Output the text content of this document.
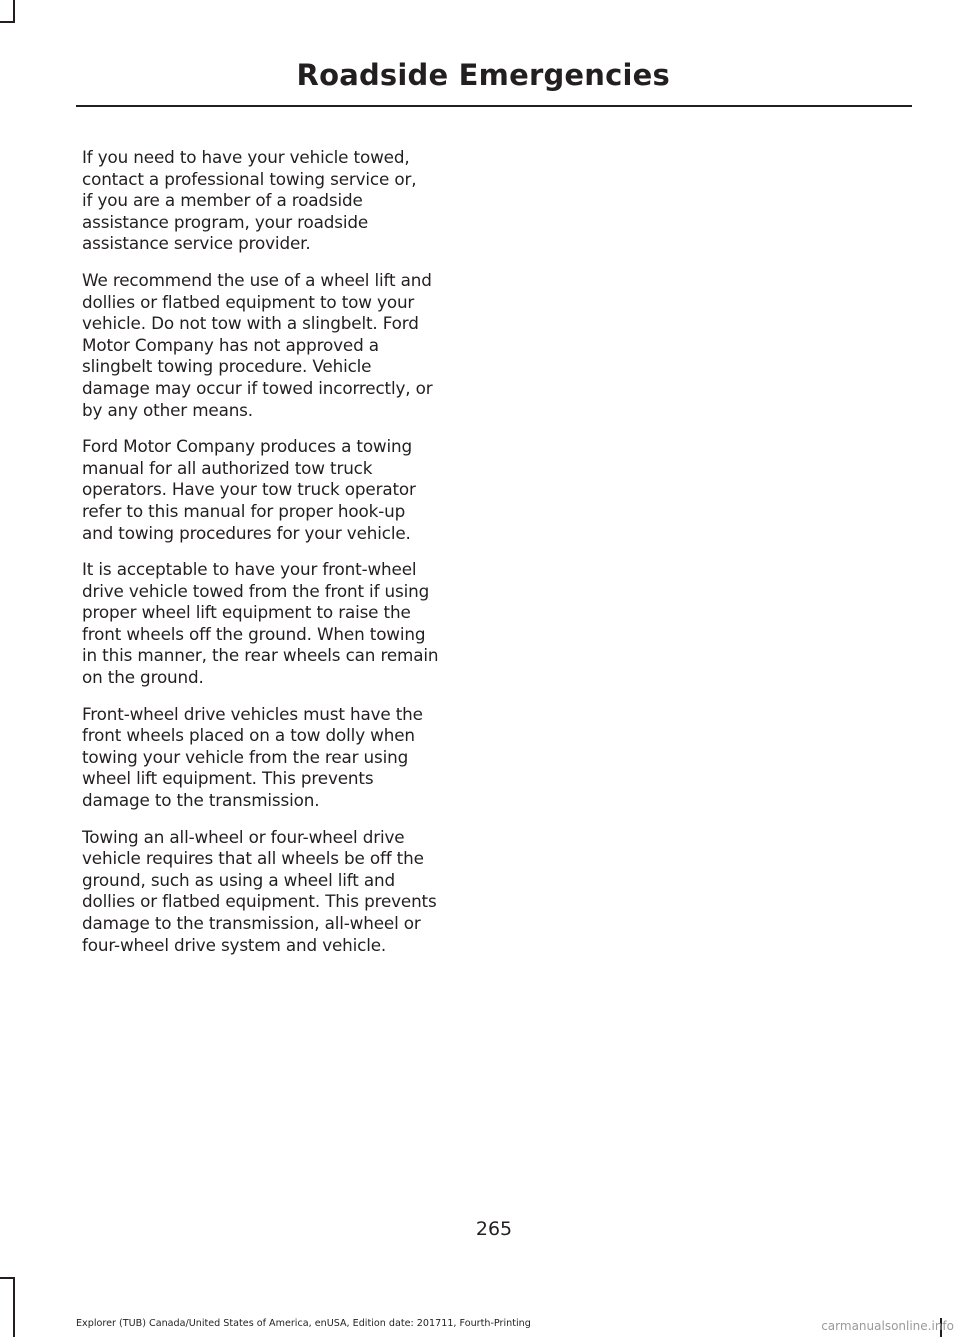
Roadside Emergencies

If you need to have your vehicle towed,
contact a professional towing service or,
if you are a member of a roadside
assistance program, your roadside
assistance service provider.

We recommend the use of a wheel lift and
dollies or flatbed equipment to tow your
vehicle. Do not tow with a slingbelt. Ford
Motor Company has not approved a
slingbelt towing procedure. Vehicle
damage may occur if towed incorrectly, or
by any other means.

Ford Motor Company produces a towing
manual for all authorized tow truck
operators. Have your tow truck operator
refer to this manual for proper hook-up
and towing procedures for your vehicle.

It is acceptable to have your front-wheel
drive vehicle towed from the front if using
proper wheel lift equipment to raise the
front wheels off the ground. When towing
in this manner, the rear wheels can remain
on the ground.

Front-wheel drive vehicles must have the
front wheels placed on a tow dolly when
towing your vehicle from the rear using
wheel lift equipment. This prevents
damage to the transmission.

Towing an all-wheel or four-wheel drive
vehicle requires that all wheels be off the
ground, such as using a wheel lift and
dollies or flatbed equipment. This prevents
damage to the transmission, all-wheel or
four-wheel drive system and vehicle.

265
Explorer (TUB) Canada/United States of America, enUSA, Edition date: 201711, Fourth-Printing	carmanualsonline.info
